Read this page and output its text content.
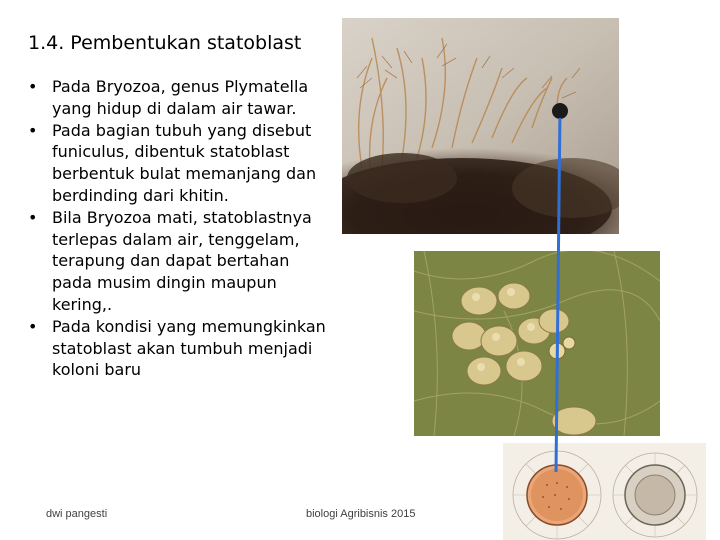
1.4. Pembentukan statoblast
• Pada Bryozoa, genus Plymatella yang hidup di dalam air tawar.
• Pada bagian tubuh yang disebut funiculus, dibentuk statoblast berbentuk bulat memanjang dan berdinding dari khitin.
• Bila Bryozoa mati, statoblastnya terlepas dalam air, tenggelam, terapung dan dapat bertahan pada musim dingin maupun kering,.
• Pada kondisi yang memungkinkan statoblast akan tumbuh menjadi koloni baru
dwi pangesti	biologi Agribisnis 2015
